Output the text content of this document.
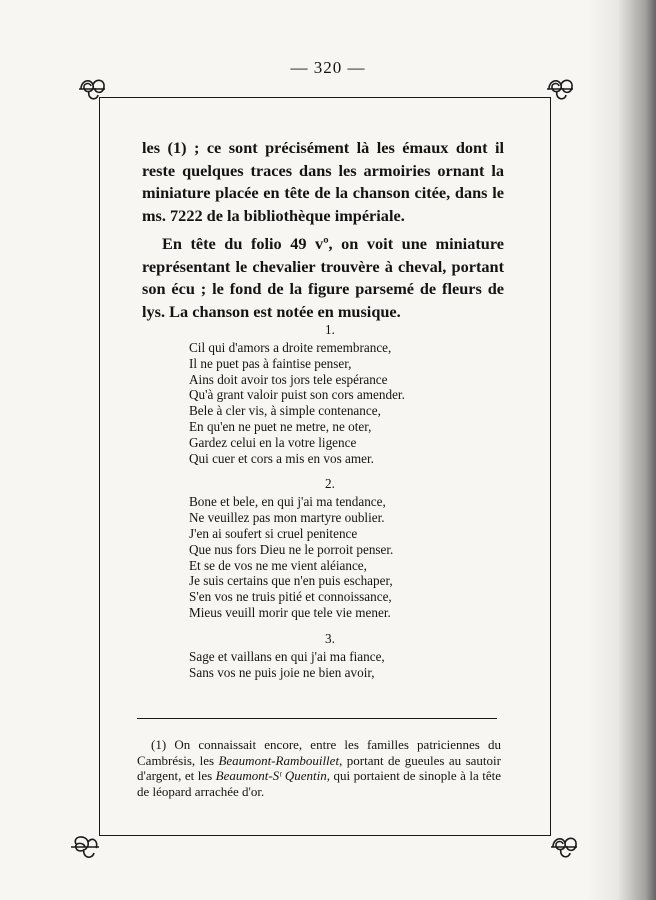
— 320 —

les (1) ; ce sont précisément là les émaux dont il reste quelques traces dans les armoiries ornant la miniature placée en tête de la chanson citée, dans le ms. 7222 de la bibliothèque impériale.

En tête du folio 49 vº, on voit une miniature représentant le chevalier trouvère à cheval, portant son écu ; le fond de la figure parsemé de fleurs de lys. La chanson est notée en musique.

1.
Cil qui d'amors a droite remembrance,
Il ne puet pas à faintise penser,
Ains doit avoir tos jors tele espérance
Qu'à grant valoir puist son cors amender.
Bele à cler vis, à simple contenance,
En qu'en ne puet ne metre, ne oter,
Gardez celui en la votre ligence
Qui cuer et cors a mis en vos amer.
2.
Bone et bele, en qui j'ai ma tendance,
Ne veuillez pas mon martyre oublier.
J'en ai soufert si cruel penitence
Que nus fors Dieu ne le porroit penser.
Et se de vos ne me vient aléiance,
Je suis certains que n'en puis eschaper,
S'en vos ne truis pitié et connoissance,
Mieus veuill morir que tele vie mener.
3.
Sage et vaillans en qui j'ai ma fiance,
Sans vos ne puis joie ne bien avoir,
(1) On connaissait encore, entre les familles patriciennes du Cambrésis, les Beaumont-Rambouillet, portant de gueules au sautoir d'argent, et les Beaumont-Sᵗ Quentin, qui portaient de sinople à la tête de léopard arrachée d'or.
